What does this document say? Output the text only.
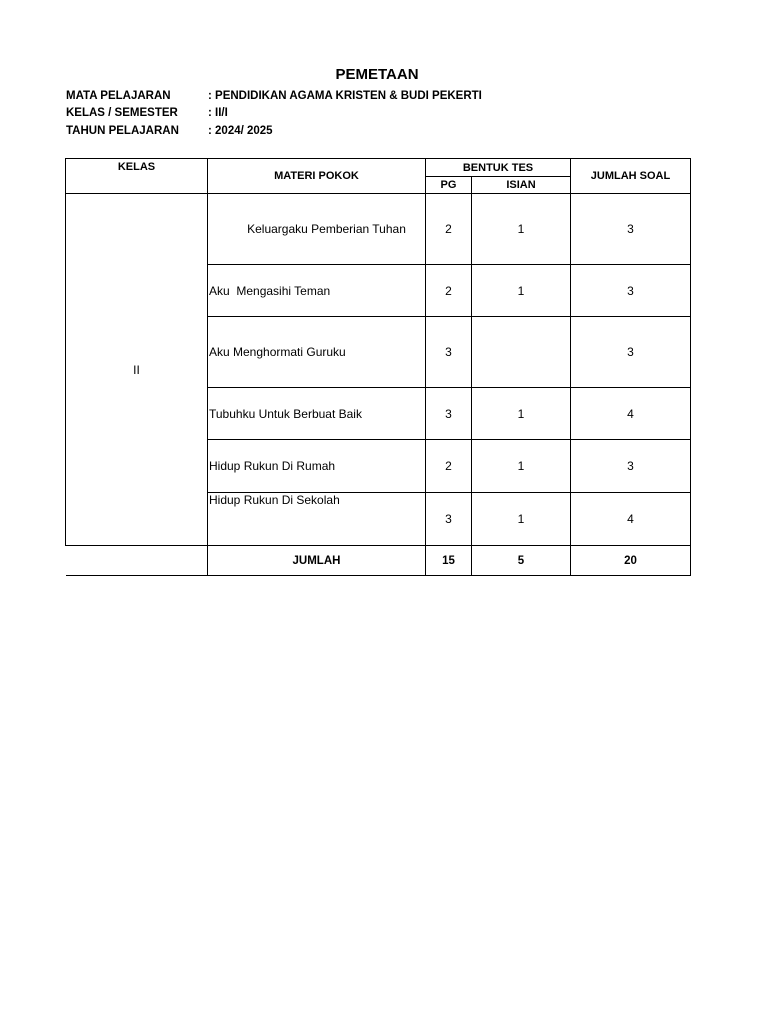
PEMETAAN
MATA PELAJARAN	: PENDIDIKAN AGAMA KRISTEN & BUDI PEKERTI
KELAS / SEMESTER	: II/I
TAHUN PELAJARAN	: 2024/ 2025
KELAS	MATERI POKOK	BENTUK TES		JUMLAH SOAL
		PG	ISIAN	
II	Keluargaku Pemberian Tuhan	2	1	3
	Aku  Mengasihi Teman	2	1	3
	Aku Menghormati Guruku	3		3
	Tubuhku Untuk Berbuat Baik	3	1	4
	Hidup Rukun Di Rumah	2	1	3
	Hidup Rukun Di Sekolah	3	1	4
	JUMLAH	15	5	20
